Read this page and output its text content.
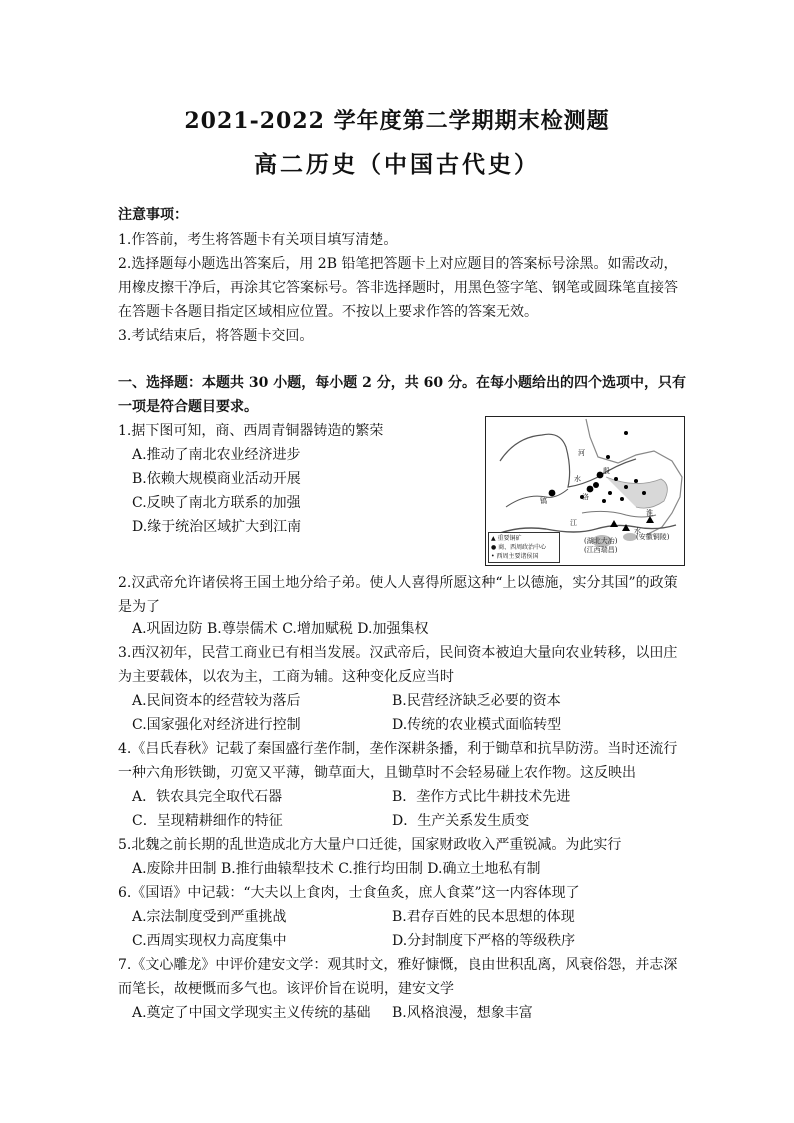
2021-2022 学年度第二学期期末检测题
高二历史（中国古代史）
注意事项：
1.作答前，考生将答题卡有关项目填写清楚。
2.选择题每小题选出答案后，用 2B 铅笔把答题卡上对应题目的答案标号涂黑。如需改动，
用橡皮擦干净后，再涂其它答案标号。答非选择题时，用黑色签字笔、钢笔或圆珠笔直接答
在答题卡各题目指定区域相应位置。不按以上要求作答的答案无效。
3.考试结束后，将答题卡交回。
一、选择题：本题共 30 小题，每小题 2 分，共 60 分。在每小题给出的四个选项中，只有
一项是符合题目要求。
1.据下图可知，商、西周青铜器铸造的繁荣
A.推动了南北农业经济进步
B.依赖大规模商业活动开展
C.反映了南北方联系的加强
D.缘于统治区域扩大到江南
河
水
镐	洛
殷
江
淮
水
(湖北大冶)
(江西瑞昌)
(安徽铜陵)
▲ 重要铜矿
● 商、西周政治中心
• 西周主要诸侯国
2.汉武帝允许诸侯将王国土地分给子弟。使人人喜得所愿这种“上以德施，实分其国”的政策
是为了
A.巩固边防 B.尊崇儒术 C.增加赋税 D.加强集权
3.西汉初年，民营工商业已有相当发展。汉武帝后，民间资本被迫大量向农业转移，以田庄
为主要载体，以农为主，工商为辅。这种变化反应当时
A.民间资本的经营较为落后	B.民营经济缺乏必要的资本
C.国家强化对经济进行控制	D.传统的农业模式面临转型
4.《吕氏春秋》记载了秦国盛行垄作制，垄作深耕条播，利于锄草和抗旱防涝。当时还流行
一种六角形铁锄，刃宽又平薄，锄草面大，且锄草时不会轻易碰上农作物。这反映出
A．铁农具完全取代石器	B．垄作方式比牛耕技术先进
C．呈现精耕细作的特征	D．生产关系发生质变
5.北魏之前长期的乱世造成北方大量户口迁徙，国家财政收入严重锐减。为此实行
A.废除井田制 B.推行曲辕犁技术 C.推行均田制 D.确立土地私有制
6.《国语》中记载：“大夫以上食肉，士食鱼炙，庶人食菜”这一内容体现了
A.宗法制度受到严重挑战	B.君存百姓的民本思想的体现
C.西周实现权力高度集中	D.分封制度下严格的等级秩序
7.《文心雕龙》中评价建安文学：观其时文，雅好慷慨，良由世积乱离，风衰俗怨，并志深
而笔长，故梗慨而多气也。该评价旨在说明，建安文学
A.奠定了中国文学现实主义传统的基础 B.风格浪漫，想象丰富
